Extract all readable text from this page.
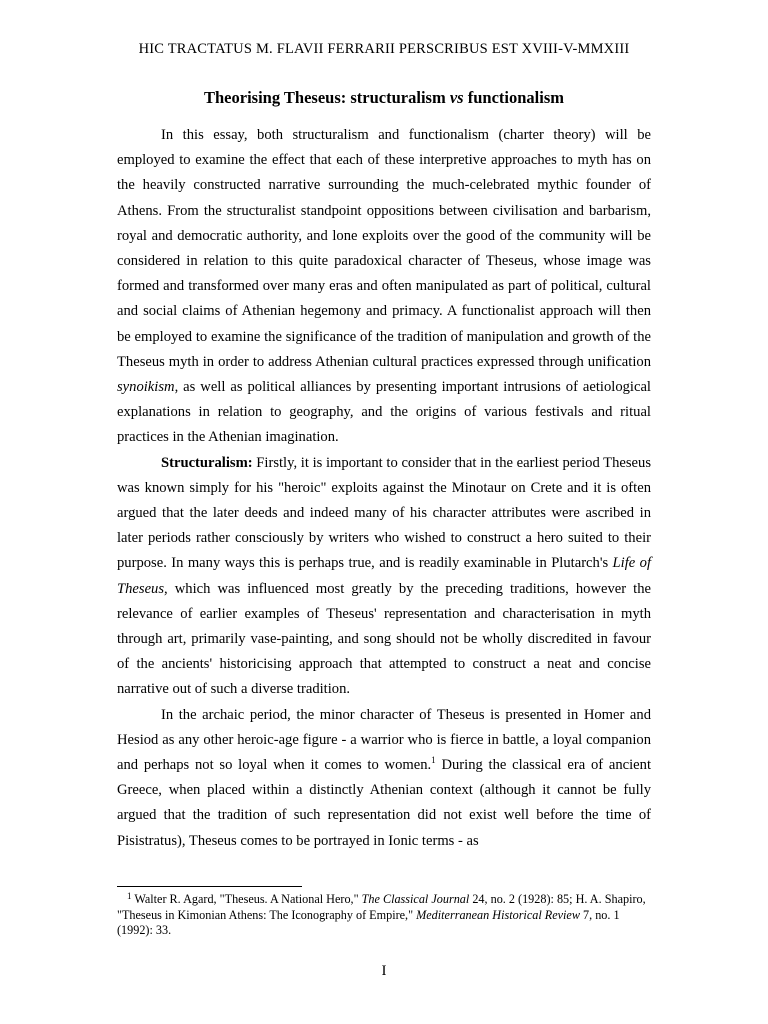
HIC TRACTATUS M. FLAVII FERRARII PERSCRIBUS EST XVIII-V-MMXIII
Theorising Theseus: structuralism vs functionalism

In this essay, both structuralism and functionalism (charter theory) will be employed to examine the effect that each of these interpretive approaches to myth has on the heavily constructed narrative surrounding the much-celebrated mythic founder of Athens. From the structuralist standpoint oppositions between civilisation and barbarism, royal and democratic authority, and lone exploits over the good of the community will be considered in relation to this quite paradoxical character of Theseus, whose image was formed and transformed over many eras and often manipulated as part of political, cultural and social claims of Athenian hegemony and primacy. A functionalist approach will then be employed to examine the significance of the tradition of manipulation and growth of the Theseus myth in order to address Athenian cultural practices expressed through unification synoikism, as well as political alliances by presenting important intrusions of aetiological explanations in relation to geography, and the origins of various festivals and ritual practices in the Athenian imagination.

Structuralism: Firstly, it is important to consider that in the earliest period Theseus was known simply for his "heroic" exploits against the Minotaur on Crete and it is often argued that the later deeds and indeed many of his character attributes were ascribed in later periods rather consciously by writers who wished to construct a hero suited to their purpose. In many ways this is perhaps true, and is readily examinable in Plutarch's Life of Theseus, which was influenced most greatly by the preceding traditions, however the relevance of earlier examples of Theseus' representation and characterisation in myth through art, primarily vase-painting, and song should not be wholly discredited in favour of the ancients' historicising approach that attempted to construct a neat and concise narrative out of such a diverse tradition.

In the archaic period, the minor character of Theseus is presented in Homer and Hesiod as any other heroic-age figure - a warrior who is fierce in battle, a loyal companion and perhaps not so loyal when it comes to women.$^1$ During the classical era of ancient Greece, when placed within a distinctly Athenian context (although it cannot be fully argued that the tradition of such representation did not exist well before the time of Pisistratus), Theseus comes to be portrayed in Ionic terms - as

$^1$ Walter R. Agard, "Theseus. A National Hero," The Classical Journal 24, no. 2 (1928): 85; H. A. Shapiro, "Theseus in Kimonian Athens: The Iconography of Empire," Mediterranean Historical Review 7, no. 1 (1992): 33.
I
